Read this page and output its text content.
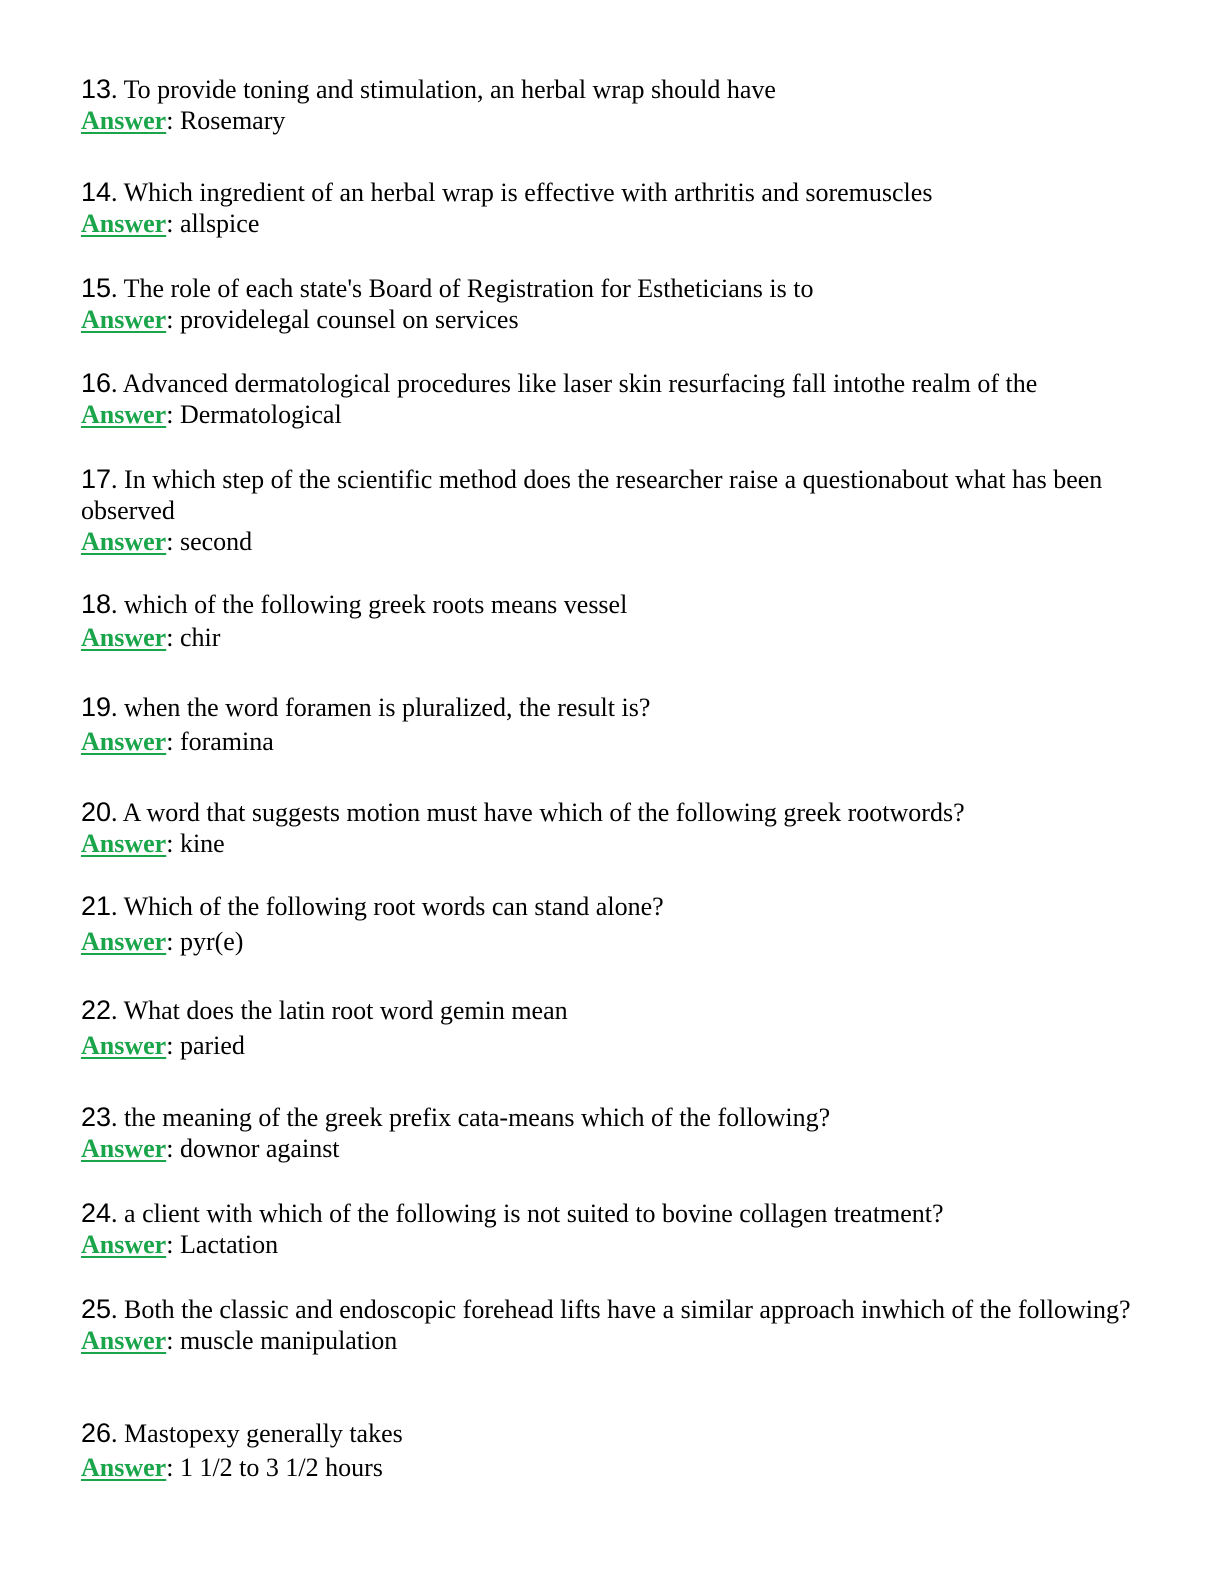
13. To provide toning and stimulation, an herbal wrap should have

Answer: Rosemary

14. Which ingredient of an herbal wrap is effective with arthritis and soremuscles

Answer: allspice

15. The role of each state's Board of Registration for Estheticians is to

Answer: providelegal counsel on services

16. Advanced dermatological procedures like laser skin resurfacing fall intothe realm of the

Answer: Dermatological

17. In which step of the scientific method does the researcher raise a questionabout what has been observed

Answer: second

18. which of the following greek roots means vessel

Answer: chir

19. when the word foramen is pluralized, the result is?

Answer: foramina

20. A word that suggests motion must have which of the following greek rootwords?

Answer: kine

21. Which of the following root words can stand alone?

Answer: pyr(e)

22. What does the latin root word gemin mean

Answer: paried

23. the meaning of the greek prefix cata-means which of the following?

Answer: downor against

24. a client with which of the following is not suited to bovine collagen treatment?

Answer: Lactation

25. Both the classic and endoscopic forehead lifts have a similar approach inwhich of the following?

Answer: muscle manipulation

26. Mastopexy generally takes

Answer: 1 1/2 to 3 1/2 hours
